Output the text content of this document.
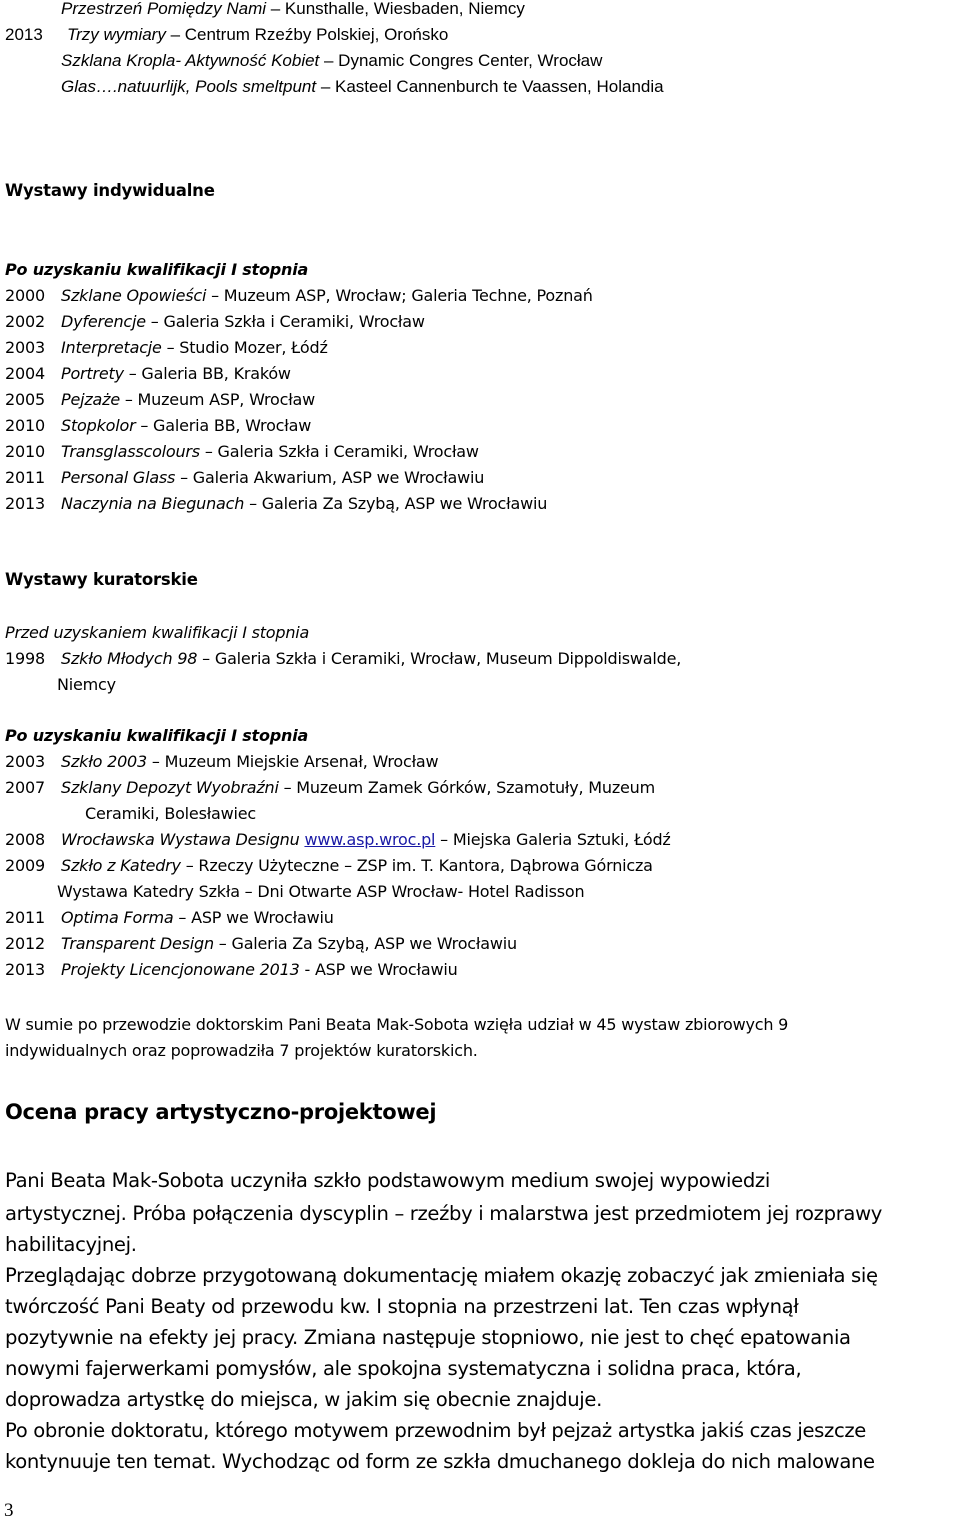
Przestrzeń Pomiędzy Nami – Kunsthalle, Wiesbaden, Niemcy
2013 Trzy wymiary – Centrum Rzeźby Polskiej, Orońsko
Szklana Kropla- Aktywność Kobiet – Dynamic Congres Center, Wrocław
Glas….natuurlijk, Pools smeltpunt – Kasteel Cannenburch te Vaassen, Holandia
Wystawy indywidualne
Po uzyskaniu kwalifikacji I stopnia
2000 Szklane Opowieści – Muzeum ASP, Wrocław; Galeria Techne, Poznań
2002 Dyferencje – Galeria Szkła i Ceramiki, Wrocław
2003 Interpretacje – Studio Mozer, Łódź
2004 Portrety – Galeria BB, Kraków
2005 Pejzaże – Muzeum ASP, Wrocław
2010 Stopkolor – Galeria BB, Wrocław
2010 Transglasscolours – Galeria Szkła i Ceramiki, Wrocław
2011 Personal Glass – Galeria Akwarium, ASP we Wrocławiu
2013 Naczynia na Biegunach – Galeria Za Szybą, ASP we Wrocławiu
Wystawy kuratorskie
Przed uzyskaniem kwalifikacji I stopnia
1998 Szkło Młodych 98 – Galeria Szkła i Ceramiki, Wrocław, Museum Dippoldiswalde,
Niemcy
Po uzyskaniu kwalifikacji I stopnia
2003 Szkło 2003 – Muzeum Miejskie Arsenał, Wrocław
2007 Szklany Depozyt Wyobraźni – Muzeum Zamek Górków, Szamotuły, Muzeum
Ceramiki, Bolesławiec
2008 Wrocławska Wystawa Designu www.asp.wroc.pl – Miejska Galeria Sztuki, Łódź
2009 Szkło z Katedry – Rzeczy Użyteczne – ZSP im. T. Kantora, Dąbrowa Górnicza
Wystawa Katedry Szkła – Dni Otwarte ASP Wrocław- Hotel Radisson
2011 Optima Forma – ASP we Wrocławiu
2012 Transparent Design – Galeria Za Szybą, ASP we Wrocławiu
2013 Projekty Licencjonowane 2013 - ASP we Wrocławiu
W sumie po przewodzie doktorskim Pani Beata Mak-Sobota wzięła udział w 45 wystaw zbiorowych 9
indywidualnych oraz poprowadziła 7 projektów kuratorskich.
Ocena pracy artystyczno-projektowej
Pani Beata Mak-Sobota uczyniła szkło podstawowym medium swojej wypowiedzi
artystycznej. Próba połączenia dyscyplin – rzeźby i malarstwa jest przedmiotem jej rozprawy
habilitacyjnej.
Przeglądając dobrze przygotowaną dokumentację miałem okazję zobaczyć jak zmieniała się
twórczość Pani Beaty od przewodu kw. I stopnia na przestrzeni lat. Ten czas wpłynął
pozytywnie na efekty jej pracy. Zmiana następuje stopniowo, nie jest to chęć epatowania
nowymi fajerwerkami pomysłów, ale spokojna systematyczna i solidna praca, która,
doprowadza artystkę do miejsca, w jakim się obecnie znajduje.
Po obronie doktoratu, którego motywem przewodnim był pejzaż artystka jakiś czas jeszcze
kontynuuje ten temat. Wychodząc od form ze szkła dmuchanego dokleja do nich malowane
3
